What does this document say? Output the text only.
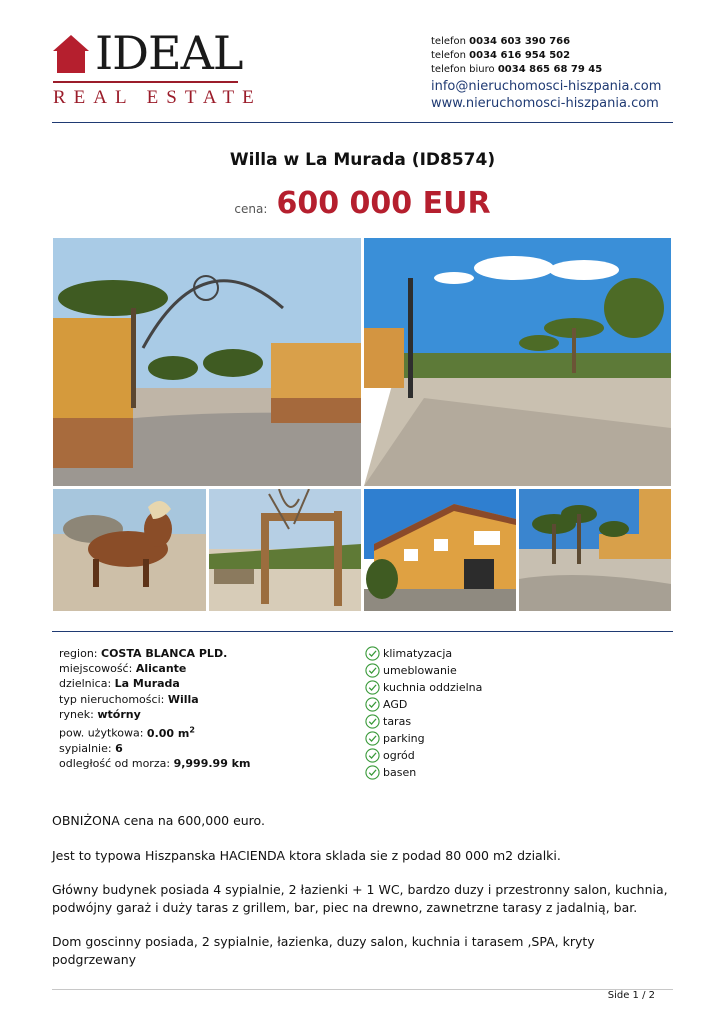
IDEAL
REAL ESTATE
telefon 0034 603 390 766
telefon 0034 616 954 502
telefon biuro 0034 865 68 79 45
info@nieruchomosci-hiszpania.com
www.nieruchomosci-hiszpania.com
Willa w La Murada (ID8574)
cena: 600 000 EUR
region: COSTA BLANCA PLD.
miejscowość: Alicante
dzielnica: La Murada
typ nieruchomości: Willa
rynek: wtórny
pow. użytkowa: 0.00 $m^2$
sypialnie: 6
odległość od morza: 9,999.99 km
klimatyzacja
umeblowanie
kuchnia oddzielna
AGD
taras
parking
ogród
basen

OBNIŻONA cena na 600,000 euro.

Jest to typowa Hiszpanska HACIENDA ktora sklada sie z podad 80 000 m2 dzialki.

Główny budynek posiada 4 sypialnie, 2 łazienki + 1 WC, bardzo duzy i przestronny salon, kuchnia, podwójny garaż i duży taras z grillem, bar, piec na drewno, zawnetrzne tarasy z jadalnią, bar.

Dom goscinny posiada, 2 sypialnie, łazienka, duzy salon, kuchnia i tarasem ,SPA, kryty podgrzewany

Side 1 / 2
